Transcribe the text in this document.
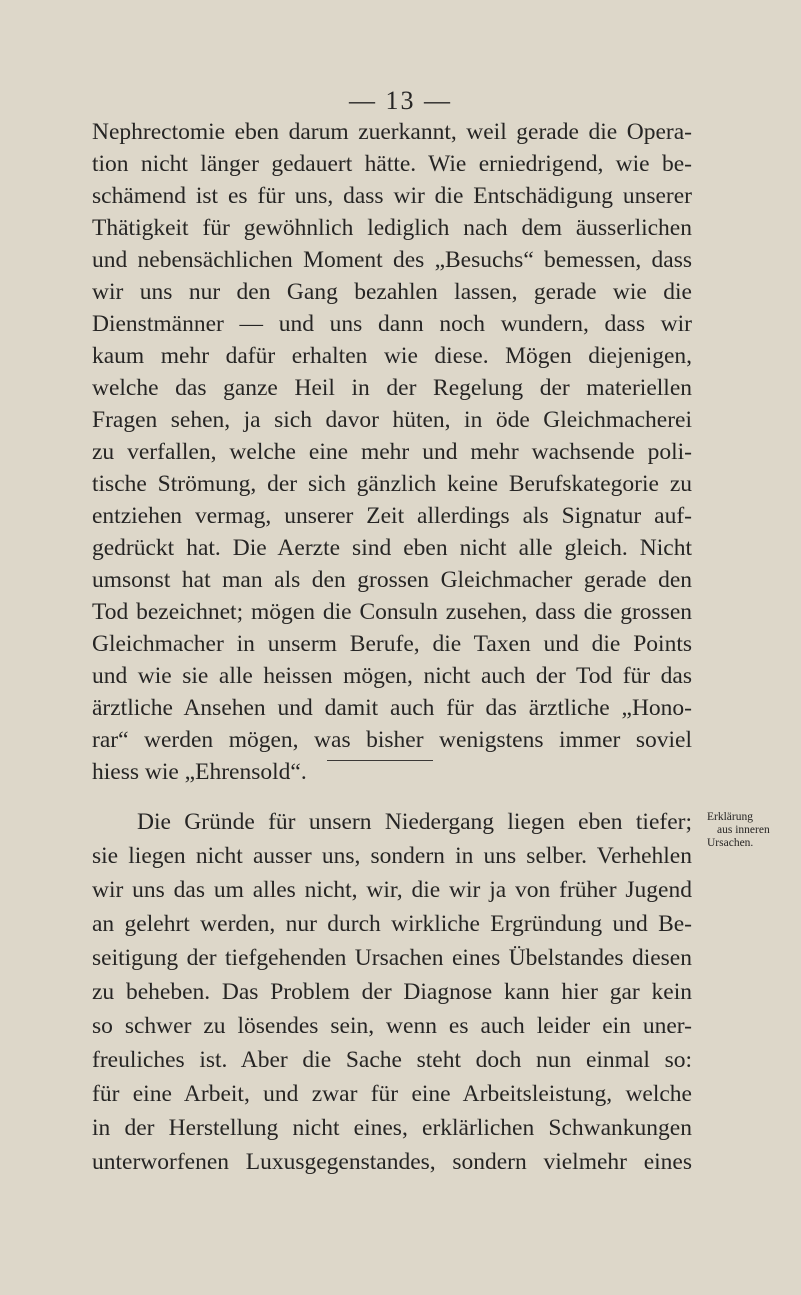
— 13 —
Nephrectomie eben darum zuerkannt, weil gerade die Opera-
tion nicht länger gedauert hätte. Wie erniedrigend, wie be-
schämend ist es für uns, dass wir die Entschädigung unserer
Thätigkeit für gewöhnlich lediglich nach dem äusserlichen
und nebensächlichen Moment des „Besuchs“ bemessen, dass
wir uns nur den Gang bezahlen lassen, gerade wie die
Dienstmänner — und uns dann noch wundern, dass wir
kaum mehr dafür erhalten wie diese. Mögen diejenigen,
welche das ganze Heil in der Regelung der materiellen
Fragen sehen, ja sich davor hüten, in öde Gleichmacherei
zu verfallen, welche eine mehr und mehr wachsende poli-
tische Strömung, der sich gänzlich keine Berufskategorie zu
entziehen vermag, unserer Zeit allerdings als Signatur auf-
gedrückt hat. Die Aerzte sind eben nicht alle gleich. Nicht
umsonst hat man als den grossen Gleichmacher gerade den
Tod bezeichnet; mögen die Consuln zusehen, dass die grossen
Gleichmacher in unserm Berufe, die Taxen und die Points
und wie sie alle heissen mögen, nicht auch der Tod für das
ärztliche Ansehen und damit auch für das ärztliche „Hono-
rar“ werden mögen, was bisher wenigstens immer soviel
hiess wie „Ehrensold“.
Die Gründe für unsern Niedergang liegen eben tiefer;
sie liegen nicht ausser uns, sondern in uns selber. Verhehlen
wir uns das um alles nicht, wir, die wir ja von früher Jugend
an gelehrt werden, nur durch wirkliche Ergründung und Be-
seitigung der tiefgehenden Ursachen eines Übelstandes diesen
zu beheben. Das Problem der Diagnose kann hier gar kein
so schwer zu lösendes sein, wenn es auch leider ein uner-
freuliches ist. Aber die Sache steht doch nun einmal so:
für eine Arbeit, und zwar für eine Arbeitsleistung, welche
in der Herstellung nicht eines, erklärlichen Schwankungen
unterworfenen Luxusgegenstandes, sondern vielmehr eines
Erklärung
aus inneren
Ursachen.
